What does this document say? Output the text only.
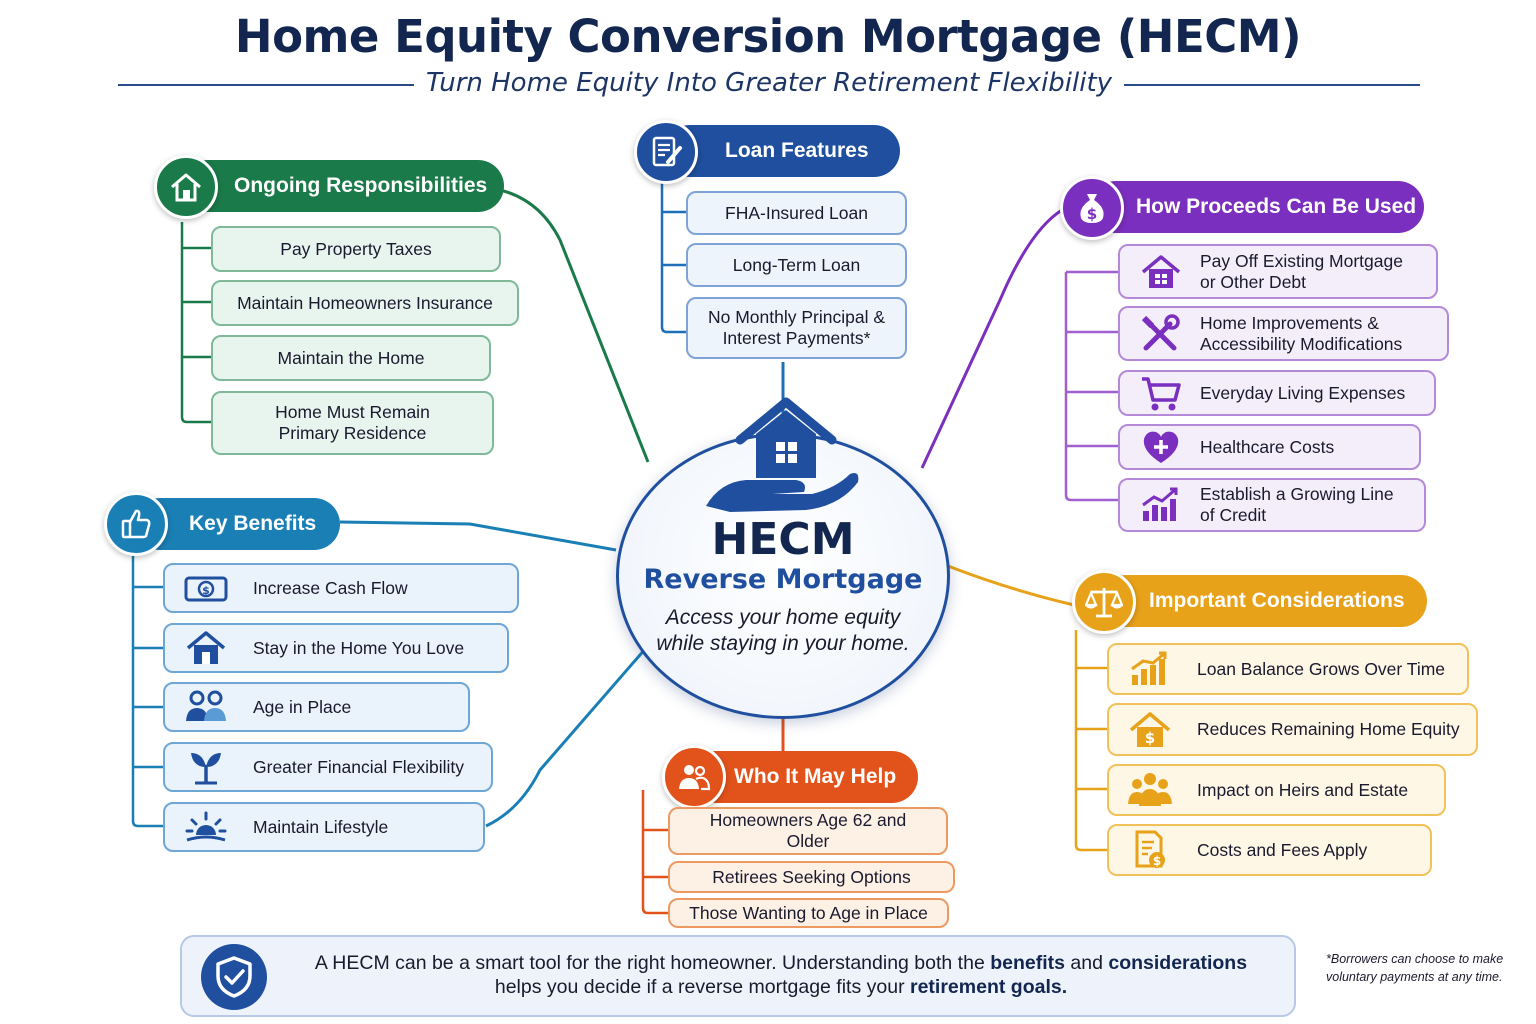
Home Equity Conversion Mortgage (HECM)
Turn Home Equity Into Greater Retirement Flexibility
HECM
Reverse Mortgage
Access your home equity while staying in your home.
Loan Features
FHA-Insured Loan
Long-Term Loan
No Monthly Principal & Interest Payments*
Ongoing Responsibilities
Pay Property Taxes
Maintain Homeowners Insurance
Maintain the Home
Home Must Remain Primary Residence
Key Benefits
$ Increase Cash Flow
Stay in the Home You Love
Age in Place
Greater Financial Flexibility
Maintain Lifestyle
How Proceeds Can Be Used
$
Pay Off Existing Mortgage or Other Debt
Home Improvements & Accessibility Modifications
Everyday Living Expenses
Healthcare Costs
Establish a Growing Line of Credit
Important Considerations
Loan Balance Grows Over Time
$ Reduces Remaining Home Equity
Impact on Heirs and Estate
$
Costs and Fees Apply
Who It May Help
Homeowners Age 62 and Older
Retirees Seeking Options
Those Wanting to Age in Place
A HECM can be a smart tool for the right homeowner. Understanding both the benefits and considerations
helps you decide if a reverse mortgage fits your retirement goals.
*Borrowers can choose to make voluntary payments at any time.
